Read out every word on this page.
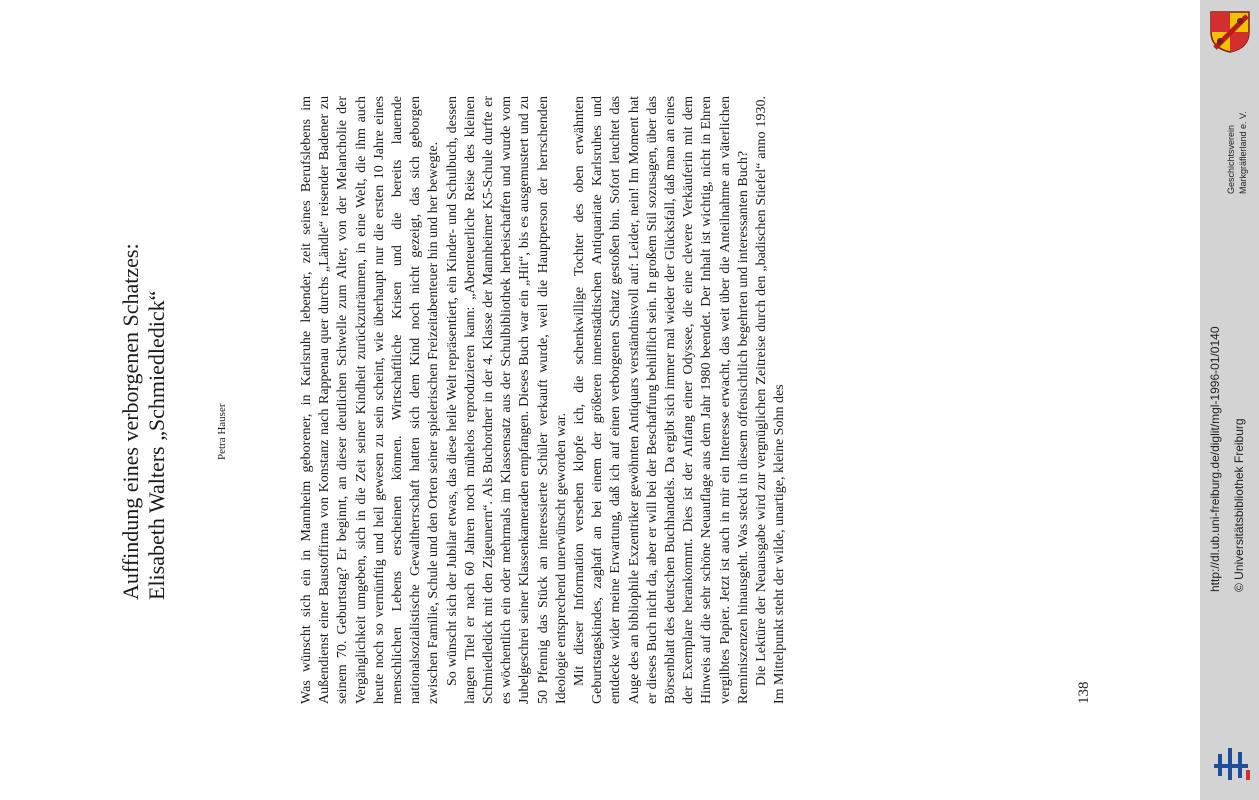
Auffindung eines verborgenen Schatzes:
Elisabeth Walters „Schmiedledick“	Petra Hauser	Was wünscht sich ein in Mannheim geborener, in Karlsruhe lebender, zeit seines Berufslebens im Außendienst einer Baustoffirma von Konstanz nach Rappenau quer durchs „Ländle“ reisender Badener zu seinem 70. Geburtstag? Er beginnt, an dieser deutlichen Schwelle zum Alter, von der Melancholie der Vergänglichkeit umgeben, sich in die Zeit seiner Kindheit zurückzuträumen, in eine Welt, die ihm auch heute noch so vernünftig und heil gewesen zu sein scheint, wie überhaupt nur die ersten 10 Jahre eines menschlichen Lebens erscheinen können. Wirtschaftliche Krisen und die bereits lauernde nationalsozialistische Gewaltherrschaft hatten sich dem Kind noch nicht gezeigt, das sich geborgen zwischen Familie, Schule und den Orten seiner spielerischen Freizeitabenteuer hin und her bewegte. So wünscht sich der Jubilar etwas, das diese heile Welt repräsentiert, ein Kinder- und Schulbuch, dessen langen Titel er nach 60 Jahren noch mühelos reproduzieren kann: „Abenteuerliche Reise des kleinen Schmiedledick mit den Zigeunern“. Als Buchordner in der 4. Klasse der Mannheimer K5-Schule durfte er es wöchentlich ein oder mehrmals im Klassensatz aus der Schulbibliothek herbeischaffen und wurde vom Jubelgeschrei seiner Klassenkameraden empfangen. Dieses Buch war ein „Hit“, bis es ausgemustert und zu 50 Pfennig das Stück an interessierte Schüler verkauft wurde, weil die Hauptperson der herrschenden Ideologie entsprechend unerwünscht geworden war. Mit dieser Information versehen klopfe ich, die schenkwillige Tochter des oben erwähnten Geburtstagskindes, zaghaft an bei einem der größeren innenstädtischen Antiquariate Karlsruhes und entdecke wider meine Erwartung, daß ich auf einen verborgenen Schatz gestoßen bin. Sofort leuchtet das Auge des an bibliophile Exzentriker gewöhnten Antiquars verständnisvoll auf: Leider, nein! Im Moment hat er dieses Buch nicht da, aber er will bei der Beschaffung behilflich sein. In großem Stil sozusagen, über das Börsenblatt des deutschen Buchhandels. Da ergibt sich immer mal wieder der Glücksfall, daß man an eines der Exemplare herankommt. Dies ist der Anfang einer Odyssee, die eine clevere Verkäuferin mit dem Hinweis auf die sehr schöne Neuauflage aus dem Jahr 1980 beendet. Der Inhalt ist wichtig, nicht in Ehren vergilbtes Papier. Jetzt ist auch in mir ein Interesse erwacht, das weit über die Anteilnahme an väterlichen Reminiszenzen hinausgeht. Was steckt in diesem offensichtlich begehrten und interessanten Buch? Die Lektüre der Neuausgabe wird zur vergnüglichen Zeitreise durch den „badischen Stiefel“ anno 1930. Im Mittelpunkt steht der wilde, unartige, kleine Sohn des	138
http://dl.ub.uni-freiburg.de/diglit/mgl-1996-01/0140 © Universitätsbibliothek Freiburg
Geschichtsverein Markgräflerland e. V.
